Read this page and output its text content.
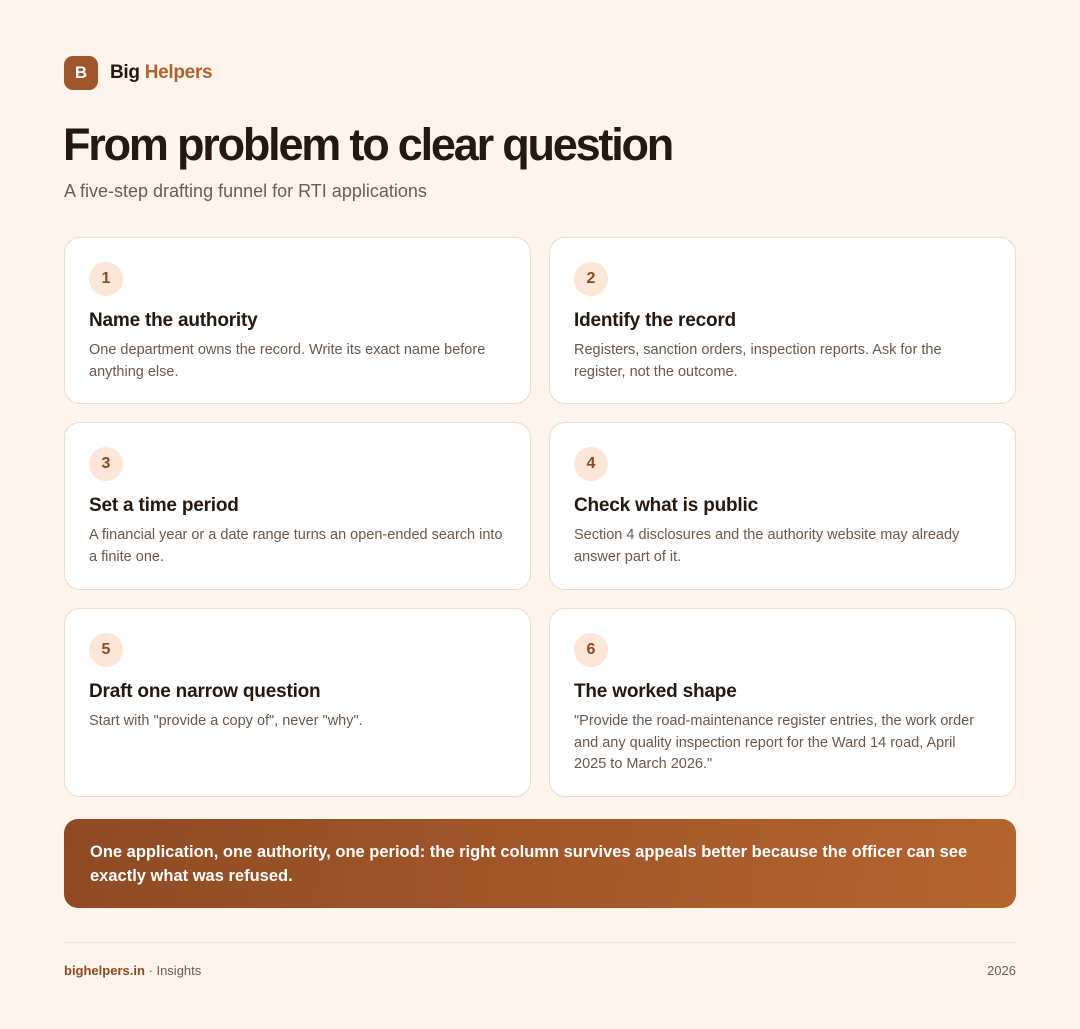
B	Big Helpers
From problem to clear question

A five-step drafting funnel for RTI applications

1
Name the authority
One department owns the record. Write its exact name before anything else.
2
Identify the record
Registers, sanction orders, inspection reports. Ask for the register, not the outcome.
3
Set a time period
A financial year or a date range turns an open-ended search into a finite one.
4
Check what is public
Section 4 disclosures and the authority website may already answer part of it.
5
Draft one narrow question
Start with "provide a copy of", never "why".
6
The worked shape
"Provide the road-maintenance register entries, the work order and any quality inspection report for the Ward 14 road, April 2025 to March 2026."

One application, one authority, one period: the right column survives appeals better because the officer can see exactly what was refused.

bighelpers.in · Insights	2026
